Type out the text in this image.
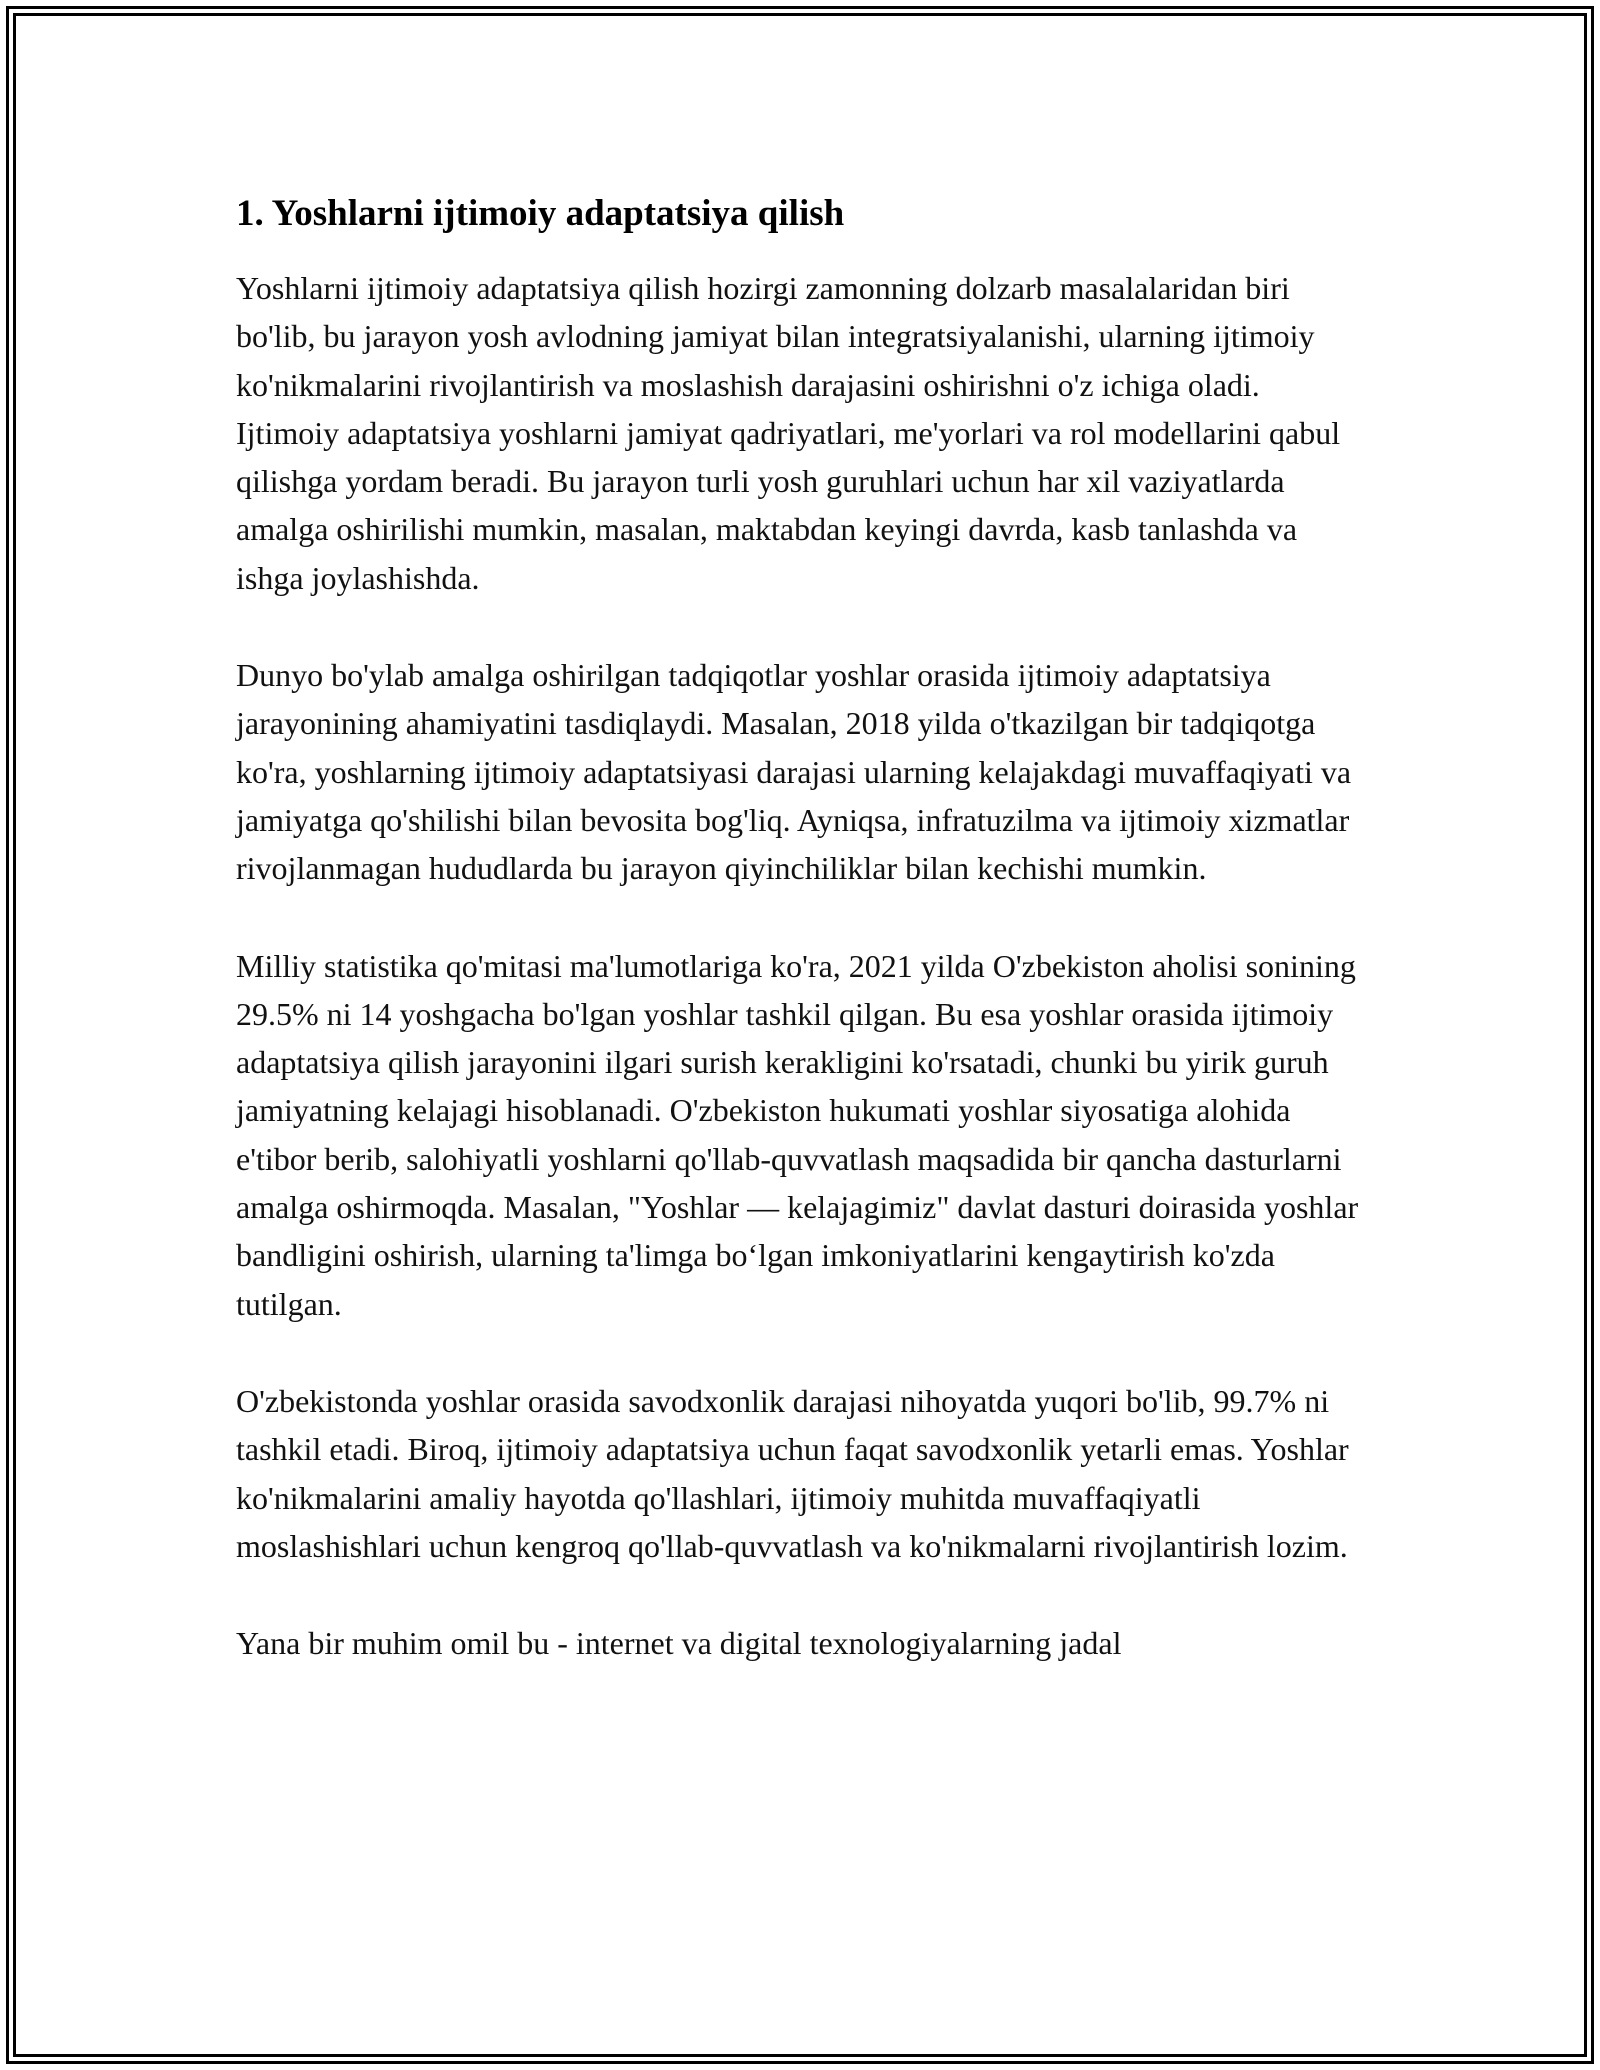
1. Yoshlarni ijtimoiy adaptatsiya qilish

Yoshlarni ijtimoiy adaptatsiya qilish hozirgi zamonning dolzarb masalalaridan biri bo'lib, bu jarayon yosh avlodning jamiyat bilan integratsiyalanishi, ularning ijtimoiy ko'nikmalarini rivojlantirish va moslashish darajasini oshirishni o'z ichiga oladi. Ijtimoiy adaptatsiya yoshlarni jamiyat qadriyatlari, me'yorlari va rol modellarini qabul qilishga yordam beradi. Bu jarayon turli yosh guruhlari uchun har xil vaziyatlarda amalga oshirilishi mumkin, masalan, maktabdan keyingi davrda, kasb tanlashda va ishga joylashishda.

Dunyo bo'ylab amalga oshirilgan tadqiqotlar yoshlar orasida ijtimoiy adaptatsiya jarayonining ahamiyatini tasdiqlaydi. Masalan, 2018 yilda o'tkazilgan bir tadqiqotga ko'ra, yoshlarning ijtimoiy adaptatsiyasi darajasi ularning kelajakdagi muvaffaqiyati va jamiyatga qo'shilishi bilan bevosita bog'liq. Ayniqsa, infratuzilma va ijtimoiy xizmatlar rivojlanmagan hududlarda bu jarayon qiyinchiliklar bilan kechishi mumkin.

Milliy statistika qo'mitasi ma'lumotlariga ko'ra, 2021 yilda O'zbekiston aholisi sonining 29.5% ni 14 yoshgacha bo'lgan yoshlar tashkil qilgan. Bu esa yoshlar orasida ijtimoiy adaptatsiya qilish jarayonini ilgari surish kerakligini ko'rsatadi, chunki bu yirik guruh jamiyatning kelajagi hisoblanadi. O'zbekiston hukumati yoshlar siyosatiga alohida e'tibor berib, salohiyatli yoshlarni qo'llab-quvvatlash maqsadida bir qancha dasturlarni amalga oshirmoqda. Masalan, "Yoshlar — kelajagimiz" davlat dasturi doirasida yoshlar bandligini oshirish, ularning ta'limga bo‘lgan imkoniyatlarini kengaytirish ko'zda tutilgan.

O'zbekistonda yoshlar orasida savodxonlik darajasi nihoyatda yuqori bo'lib, 99.7% ni tashkil etadi. Biroq, ijtimoiy adaptatsiya uchun faqat savodxonlik yetarli emas. Yoshlar ko'nikmalarini amaliy hayotda qo'llashlari, ijtimoiy muhitda muvaffaqiyatli moslashishlari uchun kengroq qo'llab-quvvatlash va ko'nikmalarni rivojlantirish lozim.

Yana bir muhim omil bu - internet va digital texnologiyalarning jadal
